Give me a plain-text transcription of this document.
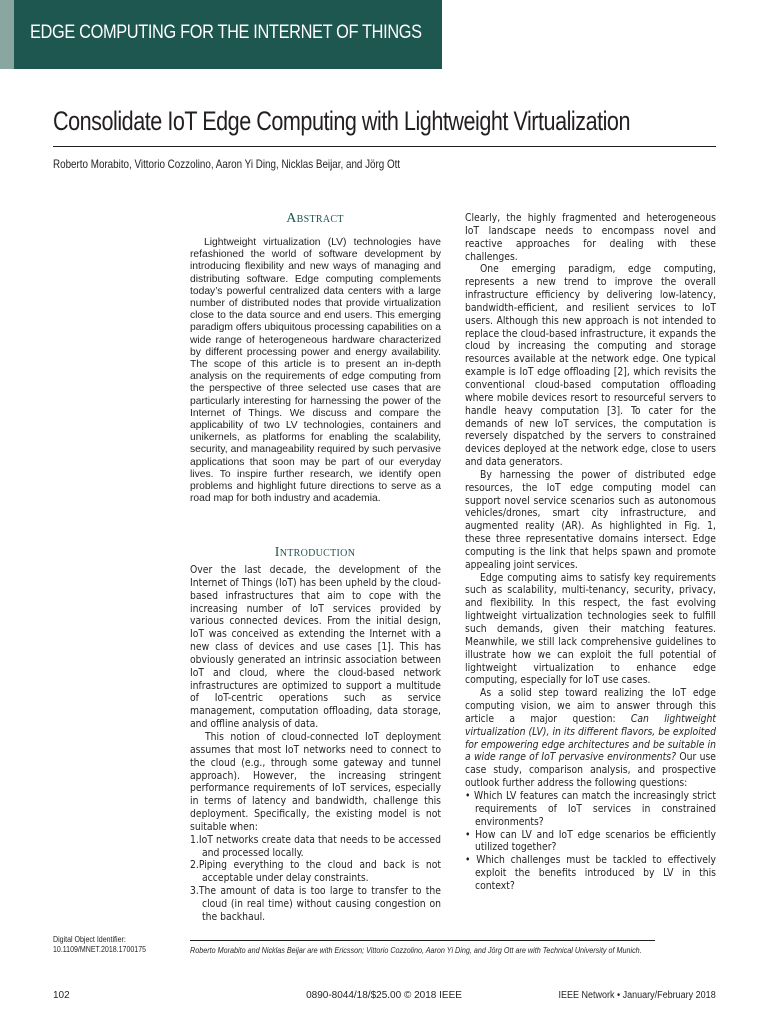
EDGE COMPUTING FOR THE INTERNET OF THINGS
Consolidate IoT Edge Computing with Lightweight Virtualization
Roberto Morabito, Vittorio Cozzolino, Aaron Yi Ding, Nicklas Beijar, and Jörg Ott
Abstract

Lightweight virtualization (LV) technologies have refashioned the world of software development by introducing flexibility and new ways of managing and distributing software. Edge computing complements today’s powerful centralized data centers with a large number of distributed nodes that provide virtualization close to the data source and end users. This emerging paradigm offers ubiquitous processing capabilities on a wide range of heterogeneous hardware characterized by different processing power and energy availability. The scope of this article is to present an in-depth analysis on the requirements of edge computing from the perspective of three selected use cases that are particularly interesting for harnessing the power of the Internet of Things. We discuss and compare the applicability of two LV technologies, containers and unikernels, as platforms for enabling the scalability, security, and manageability required by such pervasive applications that soon may be part of our everyday lives. To inspire further research, we identify open problems and highlight future directions to serve as a road map for both industry and academia.

Introduction

Over the last decade, the development of the Internet of Things (IoT) has been upheld by the cloud-based infrastructures that aim to cope with the increasing number of IoT services provided by various connected devices. From the initial design, IoT was conceived as extending the Internet with a new class of devices and use cases [1]. This has obviously generated an intrinsic association between IoT and cloud, where the cloud-based network infrastructures are optimized to support a multitude of IoT-centric operations such as service management, computation offloading, data storage, and offline analysis of data.

This notion of cloud-connected IoT deployment assumes that most IoT networks need to connect to the cloud (e.g., through some gateway and tunnel approach). However, the increasing stringent performance requirements of IoT services, especially in terms of latency and bandwidth, challenge this deployment. Specifically, the existing model is not suitable when:

1.IoT networks create data that needs to be accessed and processed locally.
2.Piping everything to the cloud and back is not acceptable under delay constraints.
3.The amount of data is too large to transfer to the cloud (in real time) without causing congestion on the backhaul.

Clearly, the highly fragmented and heterogeneous IoT landscape needs to encompass novel and reactive approaches for dealing with these challenges.

One emerging paradigm, edge computing, represents a new trend to improve the overall infrastructure efficiency by delivering low-latency, bandwidth-efficient, and resilient services to IoT users. Although this new approach is not intended to replace the cloud-based infrastructure, it expands the cloud by increasing the computing and storage resources available at the network edge. One typical example is IoT edge offloading [2], which revisits the conventional cloud-based computation offloading where mobile devices resort to resourceful servers to handle heavy computation [3]. To cater for the demands of new IoT services, the computation is reversely dispatched by the servers to constrained devices deployed at the network edge, close to users and data generators.

By harnessing the power of distributed edge resources, the IoT edge computing model can support novel service scenarios such as autonomous vehicles/drones, smart city infrastructure, and augmented reality (AR). As highlighted in Fig. 1, these three representative domains intersect. Edge computing is the link that helps spawn and promote appealing joint services.

Edge computing aims to satisfy key requirements such as scalability, multi-tenancy, security, privacy, and flexibility. In this respect, the fast evolving lightweight virtualization technologies seek to fulfill such demands, given their matching features. Meanwhile, we still lack comprehensive guidelines to illustrate how we can exploit the full potential of lightweight virtualization to enhance edge computing, especially for IoT use cases.

As a solid step toward realizing the IoT edge computing vision, we aim to answer through this article a major question: Can lightweight virtualization (LV), in its different flavors, be exploited for empowering edge architectures and be suitable in a wide range of IoT pervasive environments? Our use case study, comparison analysis, and prospective outlook further address the following questions:

• Which LV features can match the increasingly strict requirements of IoT services in constrained environments?
• How can LV and IoT edge scenarios be efficiently utilized together?
• Which challenges must be tackled to effectively exploit the benefits introduced by LV in this context?
Digital Object Identifier:
10.1109/MNET.2018.1700175	Roberto Morabito and Nicklas Beijar are with Ericsson; Vittorio Cozzolino, Aaron Yi Ding, and Jörg Ott are with Technical University of Munich.
102	0890-8044/18/$25.00 © 2018 IEEE	IEEE Network • January/February 2018
